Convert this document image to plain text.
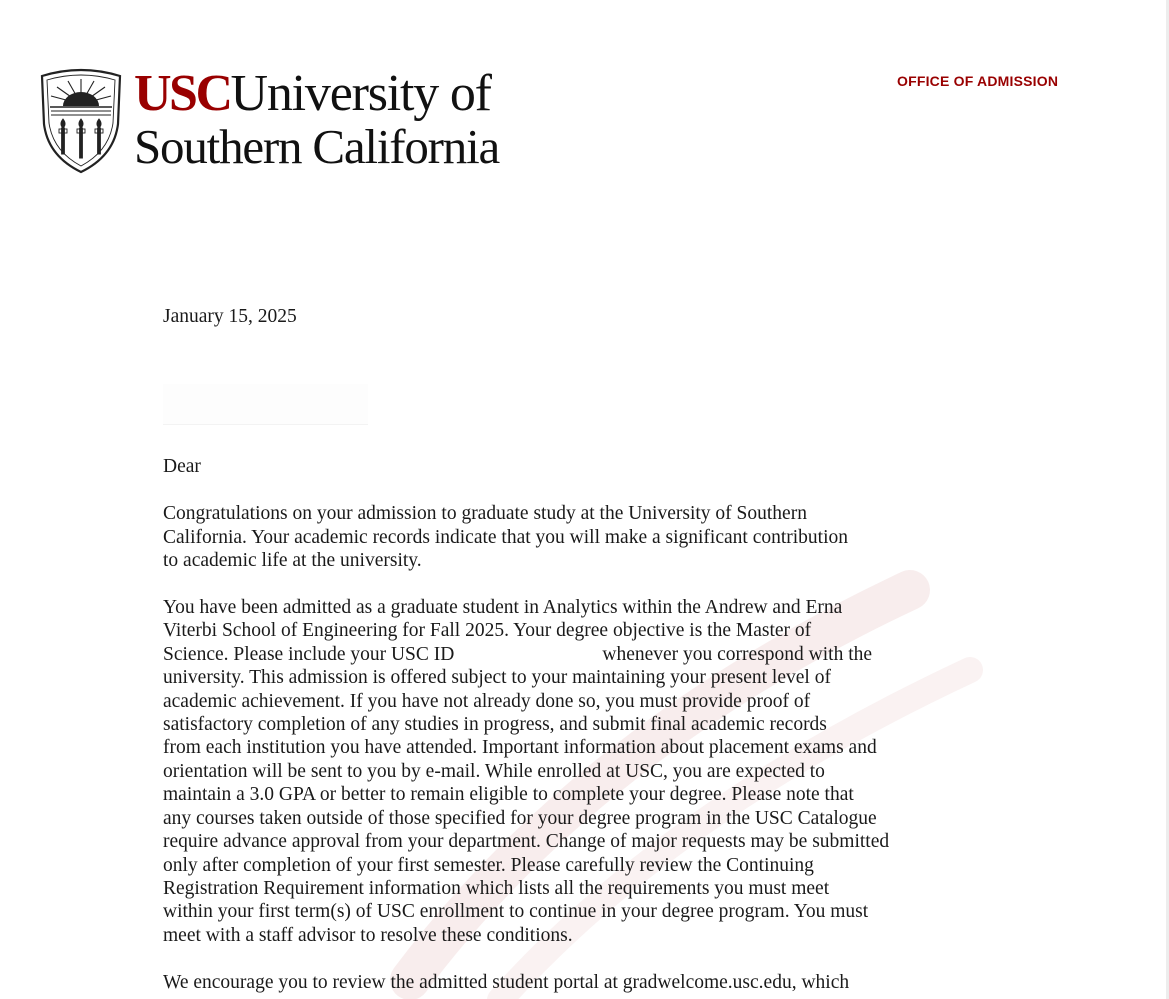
USCUniversity of
Southern California
OFFICE OF ADMISSION

January 15, 2025

Dear

Congratulations on your admission to graduate study at the University of Southern
California. Your academic records indicate that you will make a significant contribution
to academic life at the university.

You have been admitted as a graduate student in Analytics within the Andrew and Erna
Viterbi School of Engineering for Fall 2025. Your degree objective is the Master of
Science. Please include your USC ID	whenever you correspond with the
university. This admission is offered subject to your maintaining your present level of
academic achievement. If you have not already done so, you must provide proof of
satisfactory completion of any studies in progress, and submit final academic records
from each institution you have attended. Important information about placement exams and
orientation will be sent to you by e-mail. While enrolled at USC, you are expected to
maintain a 3.0 GPA or better to remain eligible to complete your degree. Please note that
any courses taken outside of those specified for your degree program in the USC Catalogue
require advance approval from your department. Change of major requests may be submitted
only after completion of your first semester. Please carefully review the Continuing
Registration Requirement information which lists all the requirements you must meet
within your first term(s) of USC enrollment to continue in your degree program. You must
meet with a staff advisor to resolve these conditions.

We encourage you to review the admitted student portal at gradwelcome.usc.edu, which
